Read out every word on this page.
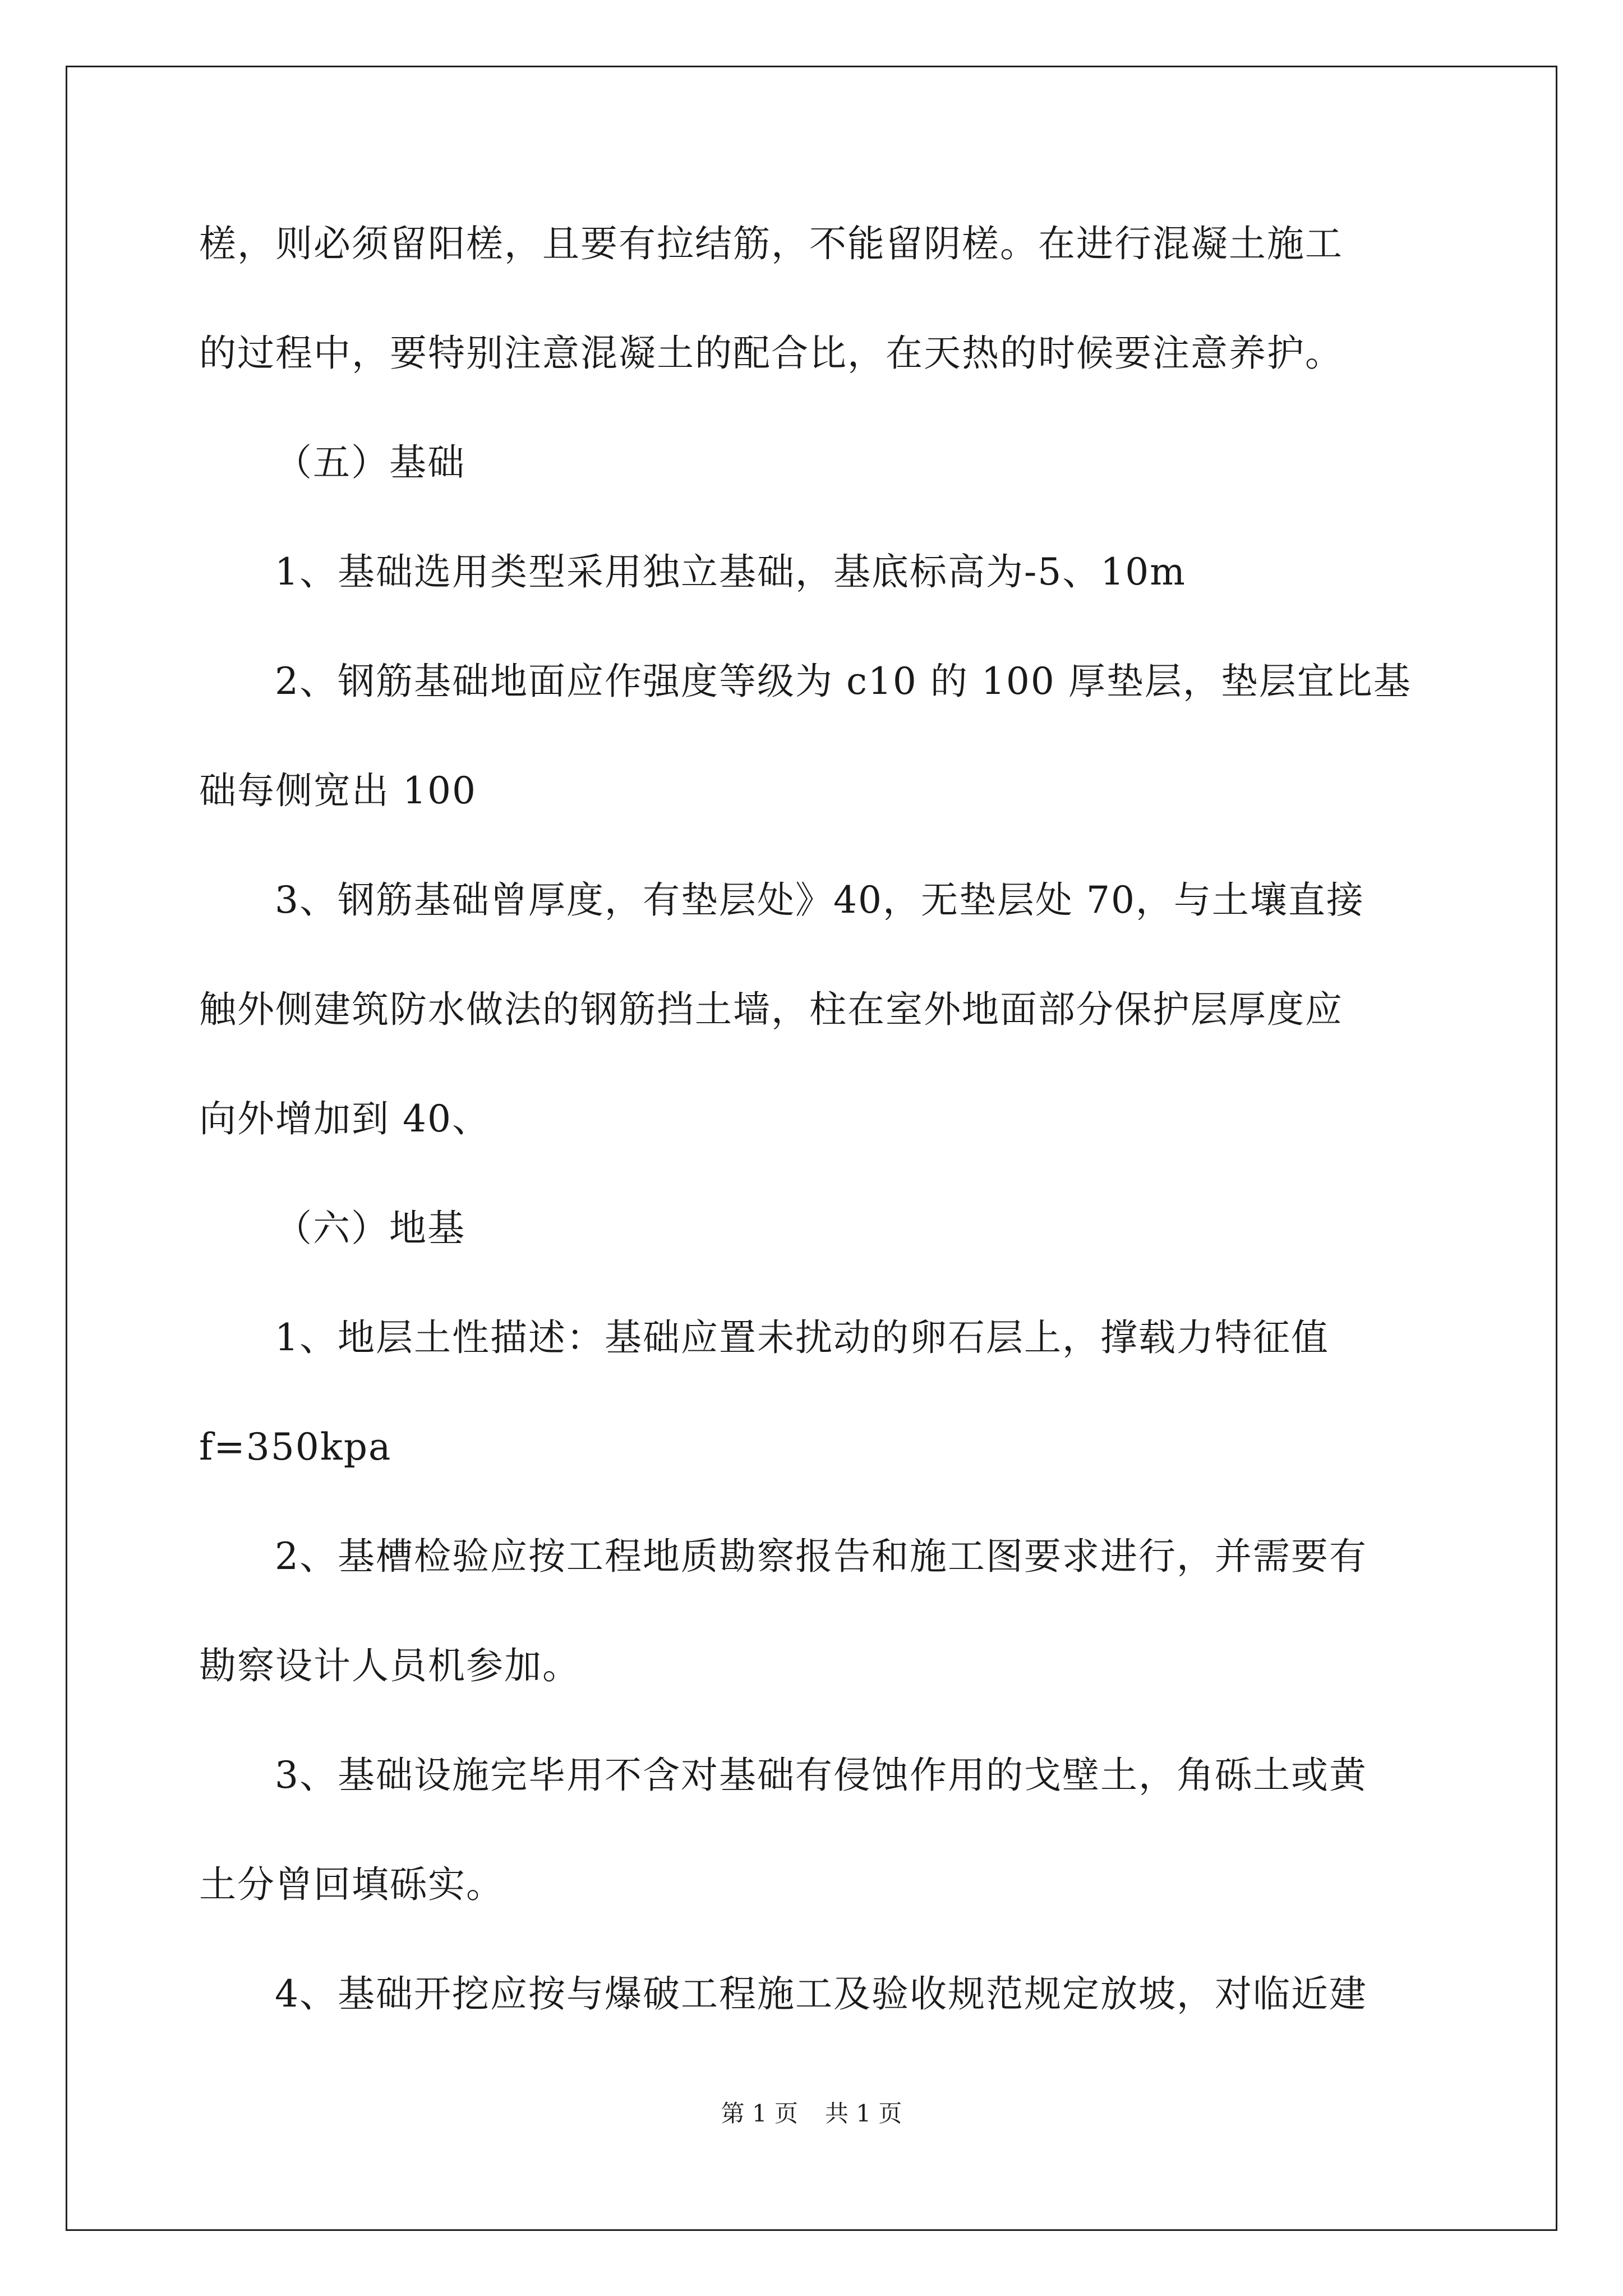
槎，则必须留阳槎，且要有拉结筋，不能留阴槎。在进行混凝土施工
的过程中，要特别注意混凝土的配合比，在天热的时候要注意养护。
（五）基础
1、基础选用类型采用独立基础，基底标高为-5、10m
2、钢筋基础地面应作强度等级为 c10 的 100 厚垫层，垫层宜比基
础每侧宽出 100
3、钢筋基础曾厚度，有垫层处》40，无垫层处 70，与土壤直接
触外侧建筑防水做法的钢筋挡土墙，柱在室外地面部分保护层厚度应
向外增加到 40、
（六）地基
1、地层土性描述：基础应置未扰动的卵石层上，撑载力特征值
f=350kpa
2、基槽检验应按工程地质勘察报告和施工图要求进行，并需要有
勘察设计人员机参加。
3、基础设施完毕用不含对基础有侵蚀作用的戈壁土，角砾土或黄
土分曾回填砾实。
4、基础开挖应按与爆破工程施工及验收规范规定放坡，对临近建
第 1 页 共 1 页
